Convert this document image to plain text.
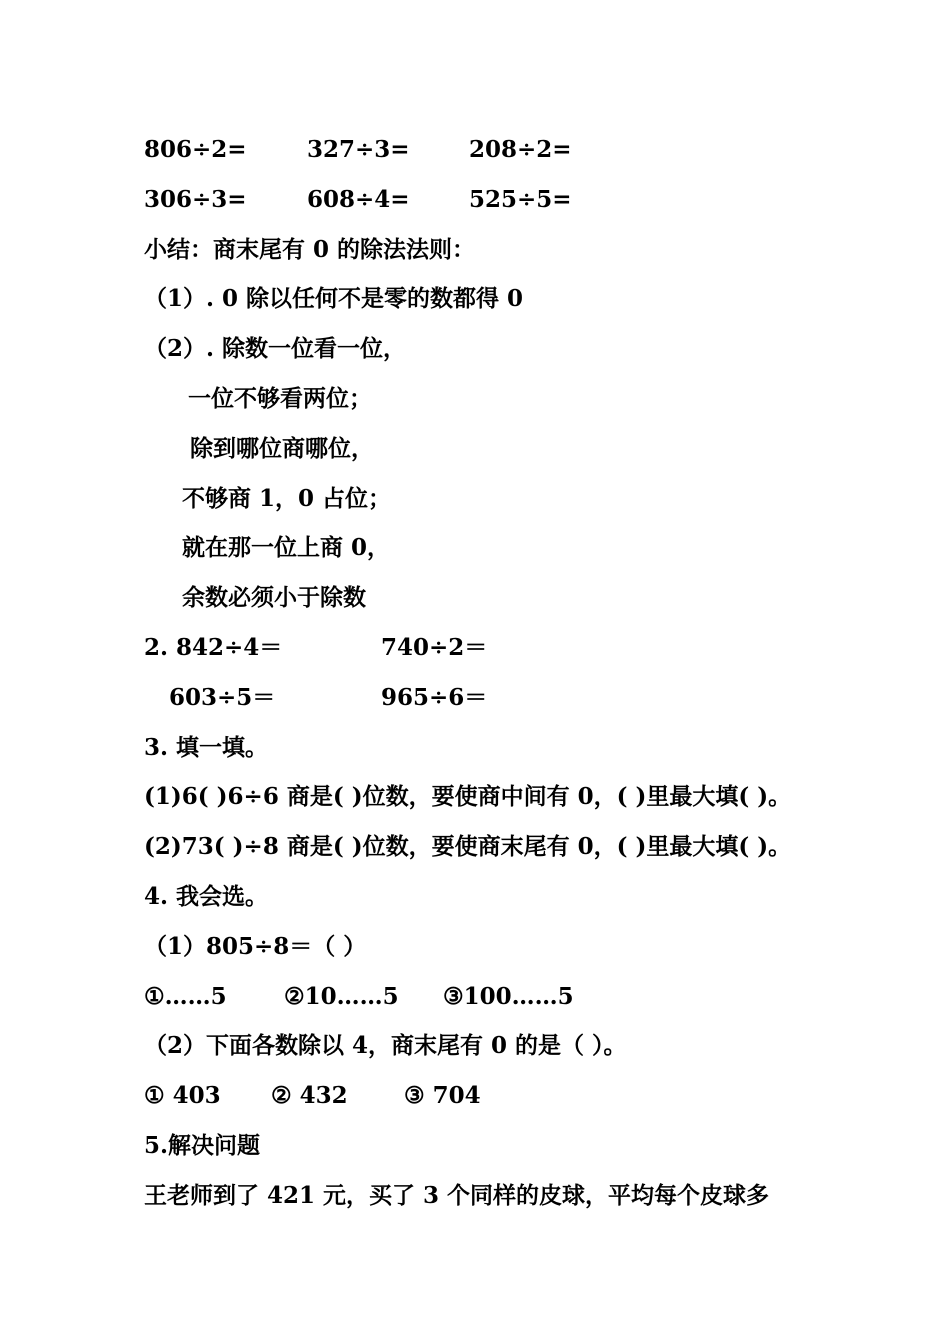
806÷2=	327÷3=	208÷2=
306÷3=	608÷4=	525÷5=
小结：商末尾有 0 的除法法则：
（1）. 0 除以任何不是零的数都得 0
（2）. 除数一位看一位，
一位不够看两位；
除到哪位商哪位，
不够商 1，0 占位；
就在那一位上商 0，
余数必须小于除数
2. 842÷4＝	740÷2＝
603÷5＝	965÷6＝
3. 填一填。
(1)6( )6÷6 商是( )位数，要使商中间有 0，( )里最大填( )。
(2)73( )÷8 商是( )位数，要使商末尾有 0，( )里最大填( )。
4. 我会选。
（1）805÷8＝（ ）
①……5 ②10……5 ③100……5
（2）下面各数除以 4，商末尾有 0 的是（ ）。
① 403 ② 432 ③ 704
5.解决问题
王老师到了 421 元，买了 3 个同样的皮球，平均每个皮球多
